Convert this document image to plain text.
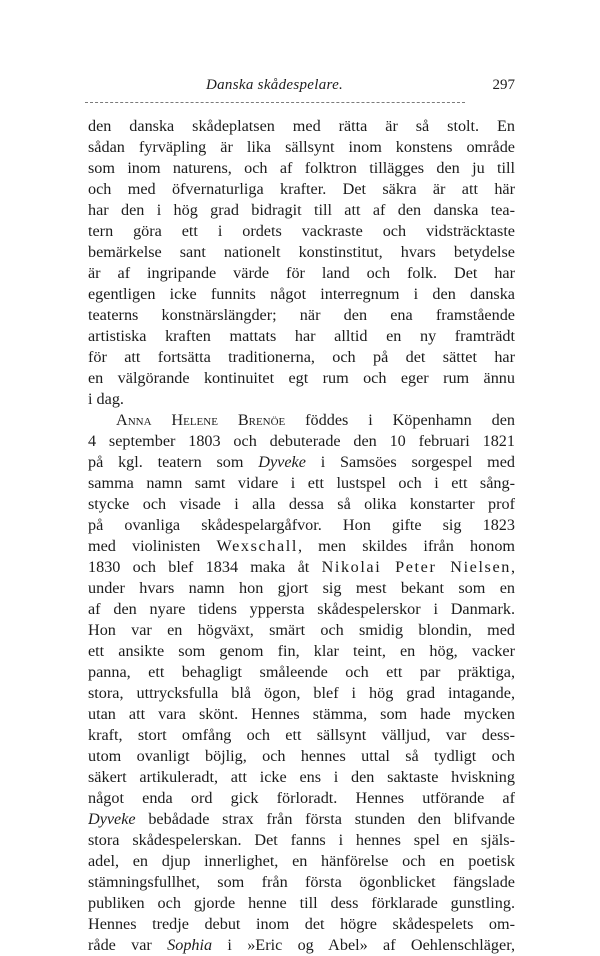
Danska skådespelare.	297
den danska skådeplatsen med rätta är så stolt. En
sådan fyrväpling är lika sällsynt inom konstens område
som inom naturens, och af folktron tillägges den ju till
och med öfvernaturliga krafter. Det säkra är att här
har den i hög grad bidragit till att af den danska tea-
tern göra ett i ordets vackraste och vidsträcktaste
bemärkelse sant nationelt konstinstitut, hvars betydelse
är af ingripande värde för land och folk. Det har
egentligen icke funnits något interregnum i den danska
teaterns konstnärslängder; när den ena framstående
artistiska kraften mattats har alltid en ny framträdt
för att fortsätta traditionerna, och på det sättet har
en välgörande kontinuitet egt rum och eger rum ännu
i dag.
Anna Helene Brenöe föddes i Köpenhamn den
4 september 1803 och debuterade den 10 februari 1821
på kgl. teatern som Dyveke i Samsöes sorgespel med
samma namn samt vidare i ett lustspel och i ett sång-
stycke och visade i alla dessa så olika konstarter prof
på ovanliga skådespelargåfvor. Hon gifte sig 1823
med violinisten Wexschall, men skildes ifrån honom
1830 och blef 1834 maka åt Nikolai Peter Nielsen,
under hvars namn hon gjort sig mest bekant som en
af den nyare tidens yppersta skådespelerskor i Danmark.
Hon var en högväxt, smärt och smidig blondin, med
ett ansikte som genom fin, klar teint, en hög, vacker
panna, ett behagligt småleende och ett par präktiga,
stora, uttrycksfulla blå ögon, blef i hög grad intagande,
utan att vara skönt. Hennes stämma, som hade mycken
kraft, stort omfång och ett sällsynt välljud, var dess-
utom ovanligt böjlig, och hennes uttal så tydligt och
säkert artikuleradt, att icke ens i den saktaste hviskning
något enda ord gick förloradt. Hennes utförande af
Dyveke bebådade strax från första stunden den blifvande
stora skådespelerskan. Det fanns i hennes spel en själs-
adel, en djup innerlighet, en hänförelse och en poetisk
stämningsfullhet, som från första ögonblicket fängslade
publiken och gjorde henne till dess förklarade gunstling.
Hennes tredje debut inom det högre skådespelets om-
råde var Sophia i »Eric og Abel» af Oehlenschläger,
